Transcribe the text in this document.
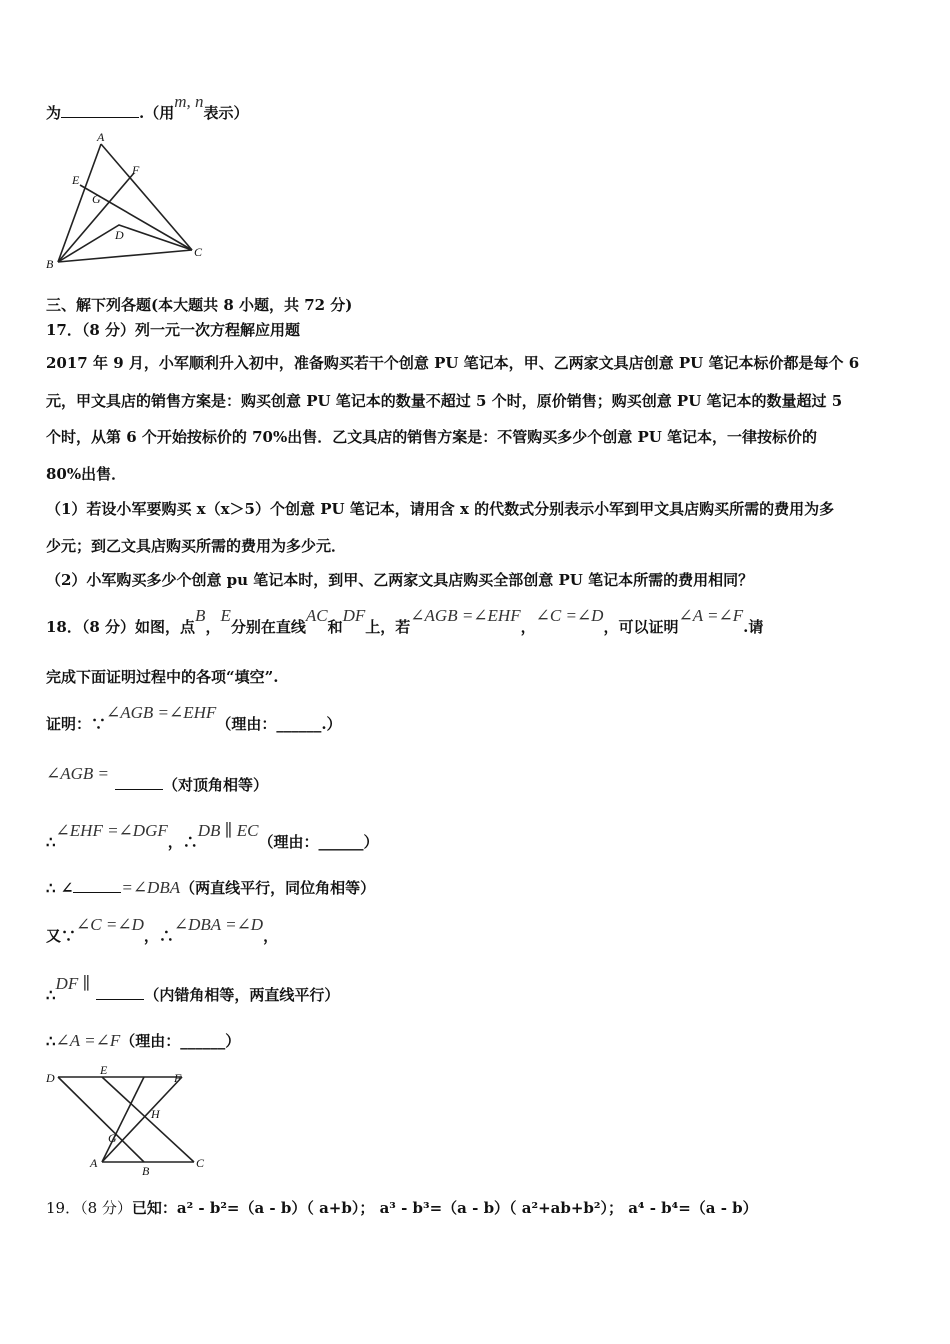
为	.（用m, n表示）
A
E
F
G
D
B
C
三、解下列各题(本大题共 8 小题，共 72 分)
17．（8 分）列一元一次方程解应用题
2017 年 9 月，小军顺利升入初中，准备购买若干个创意 PU 笔记本，甲、乙两家文具店创意 PU 笔记本标价都是每个 6
元，甲文具店的销售方案是：购买创意 PU 笔记本的数量不超过 5 个时，原价销售；购买创意 PU 笔记本的数量超过 5
个时，从第 6 个开始按标价的 70%出售．乙文具店的销售方案是：不管购买多少个创意 PU 笔记本，一律按标价的
80%出售．
（1）若设小军要购买 x（x＞5）个创意 PU 笔记本，请用含 x 的代数式分别表示小军到甲文具店购买所需的费用为多
少元；到乙文具店购买所需的费用为多少元．
（2）小军购买多少个创意 pu 笔记本时，到甲、乙两家文具店购买全部创意 PU 笔记本所需的费用相同？
18．（8 分）如图，点B，E分别在直线AC和DF上，若∠AGB =∠EHF，∠C =∠D，可以证明∠A =∠F.请
完成下面证明过程中的各项“填空”.
证明：∵∠AGB =∠EHF（理由：______.）
∠AGB =（对顶角相等）
∴∠EHF =∠DGF，∴DB ∥ EC（理由：______）
∴ ∠	=∠DBA（两直线平行，同位角相等）
又∵∠C =∠D，∴∠DBA =∠D，
∴DF ∥（内错角相等，两直线平行）
∴∠A =∠F（理由：______）
D
E
F
H
G
A
B
C
19．（8 分）已知：a² - b²=（a - b）（ a+b）； a³ - b³=（a - b）（ a²+ab+b²）； a⁴ - b⁴=（a - b）
